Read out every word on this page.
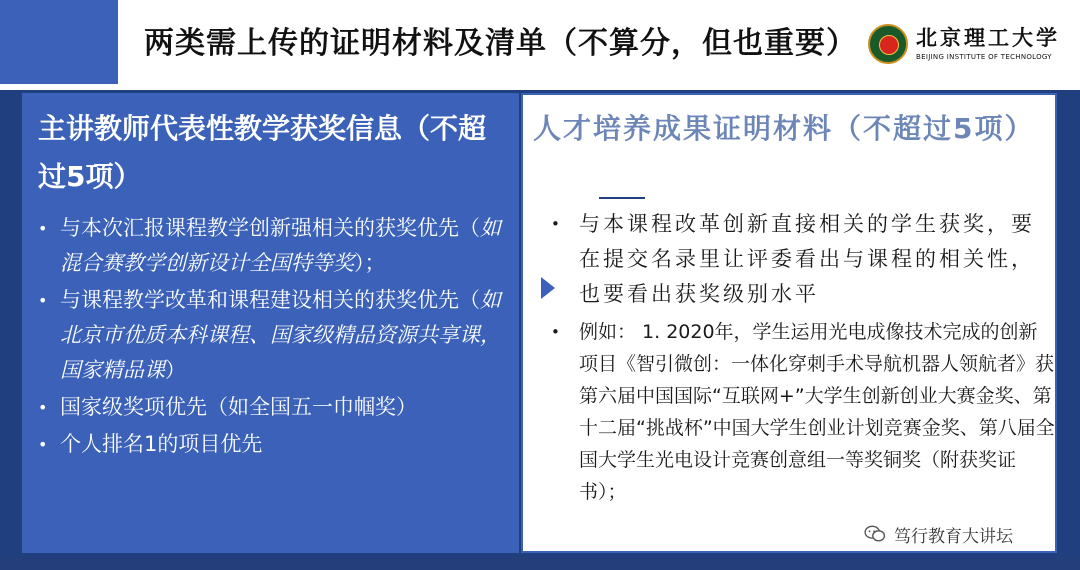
两类需上传的证明材料及清单（不算分，但也重要）	北京理工大学
BEIJING INSTITUTE OF TECHNOLOGY
主讲教师代表性教学获奖信息（不超过5项）
• 与本次汇报课程教学创新强相关的获奖优先（如混合赛教学创新设计全国特等奖）；
• 与课程教学改革和课程建设相关的获奖优先（如北京市优质本科课程、国家级精品资源共享课，国家精品课）
• 国家级奖项优先（如全国五一巾帼奖）
• 个人排名1的项目优先
人才培养成果证明材料（不超过5项）
• 与本课程改革创新直接相关的学生获奖，要在提交名录里让评委看出与课程的相关性，也要看出获奖级别水平
• 例如： 1. 2020年，学生运用光电成像技术完成的创新项目《智引微创：一体化穿刺手术导航机器人领航者》获第六届中国国际“互联网+”大学生创新创业大赛金奖、第十二届“挑战杯”中国大学生创业计划竞赛金奖、第八届全国大学生光电设计竞赛创意组一等奖铜奖（附获奖证书）；
笃行教育大讲坛
